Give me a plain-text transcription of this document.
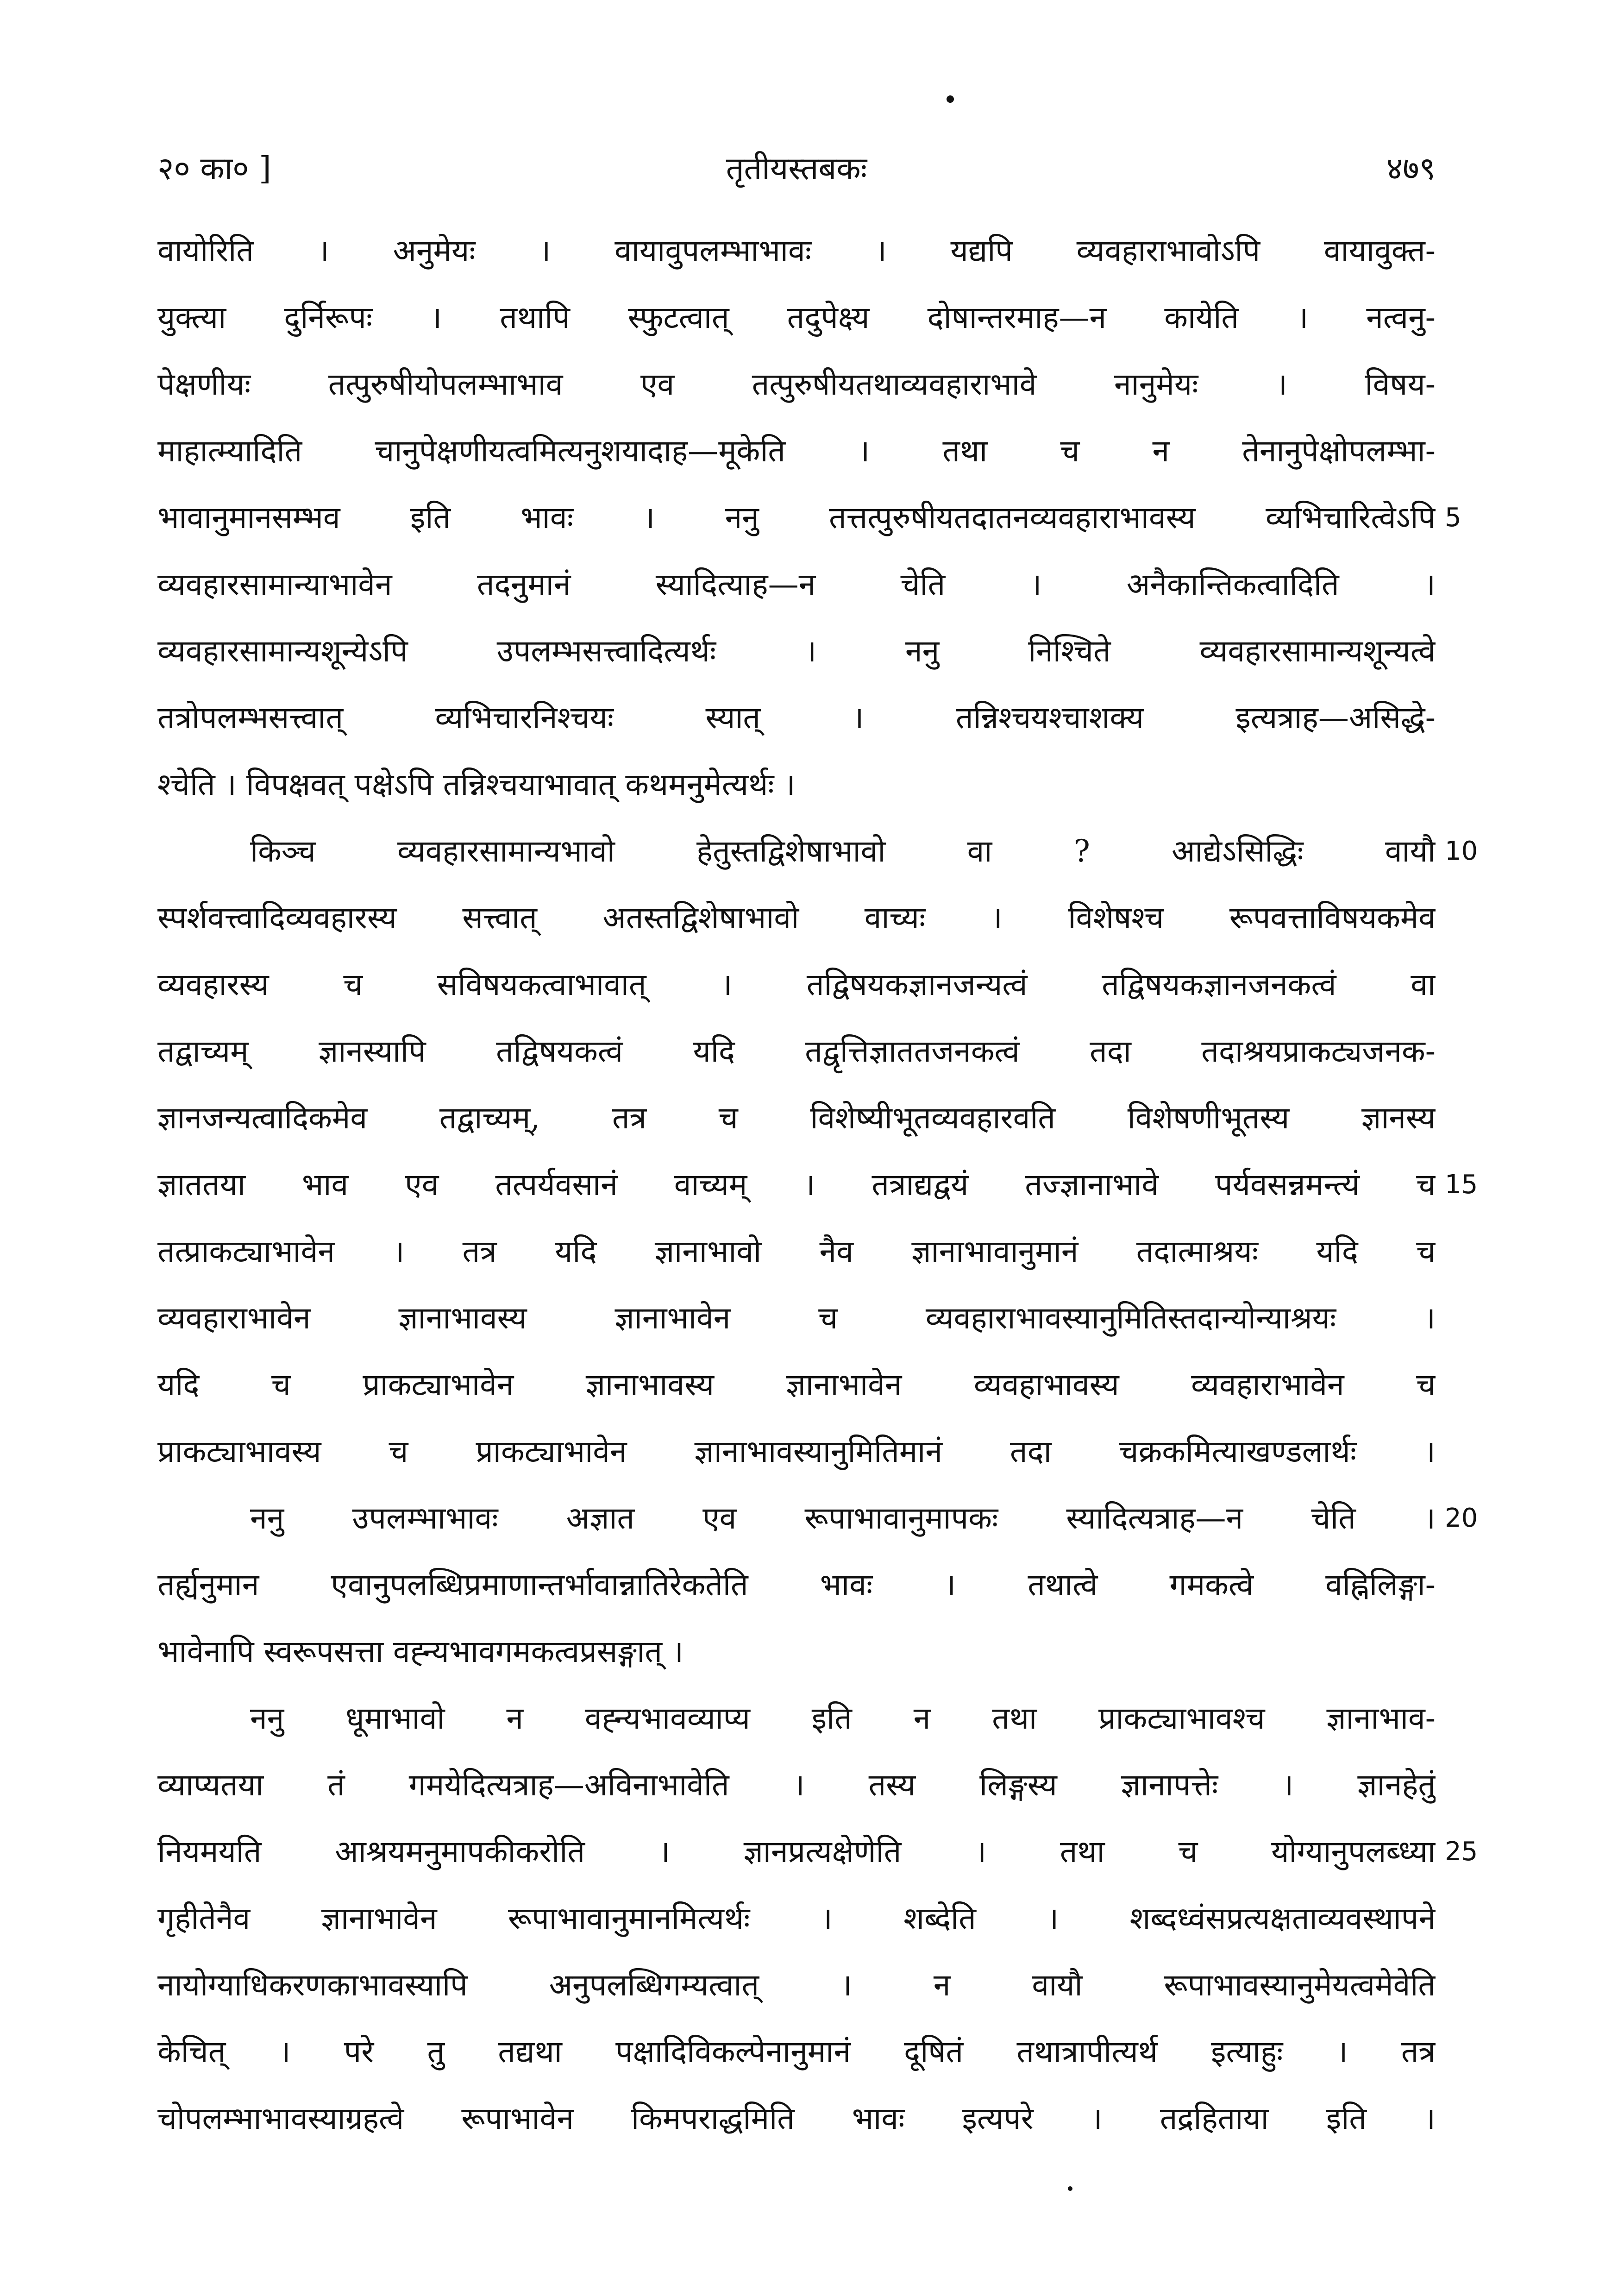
२० का० ]	तृतीयस्तबकः	४७९
वायोरिति । अनुमेयः । वायावुपलम्भाभावः । यद्यपि व्यवहाराभावोऽपि वायावुक्त-
युक्त्या दुर्निरूपः । तथापि स्फुटत्वात् तदुपेक्ष्य दोषान्तरमाह—न कायेति । नत्वनु-
पेक्षणीयः तत्पुरुषीयोपलम्भाभाव एव तत्पुरुषीयतथाव्यवहाराभावे नानुमेयः । विषय-
माहात्म्यादिति चानुपेक्षणीयत्वमित्यनुशयादाह—मूकेति । तथा च न तेनानुपेक्षोपलम्भा-
भावानुमानसम्भव इति भावः । ननु तत्तत्पुरुषीयतदातनव्यवहाराभावस्य व्यभिचारित्वेऽपि
व्यवहारसामान्याभावेन तदनुमानं स्यादित्याह—न चेति । अनैकान्तिकत्वादिति ।
व्यवहारसामान्यशून्येऽपि उपलम्भसत्त्वादित्यर्थः । ननु निश्चिते व्यवहारसामान्यशून्यत्वे
तत्रोपलम्भसत्त्वात् व्यभिचारनिश्चयः स्यात् । तन्निश्चयश्चाशक्य इत्यत्राह—असिद्धे-
श्चेति । विपक्षवत् पक्षेऽपि तन्निश्चयाभावात् कथमनुमेत्यर्थः ।
किञ्च व्यवहारसामान्यभावो हेतुस्तद्विशेषाभावो वा ? आद्येऽसिद्धिः वायौ
स्पर्शवत्त्वादिव्यवहारस्य सत्त्वात् अतस्तद्विशेषाभावो वाच्यः । विशेषश्च रूपवत्ताविषयकमेव
व्यवहारस्य च सविषयकत्वाभावात् । तद्विषयकज्ञानजन्यत्वं तद्विषयकज्ञानजनकत्वं वा
तद्वाच्यम् ज्ञानस्यापि तद्विषयकत्वं यदि तद्वृत्तिज्ञाततजनकत्वं तदा तदाश्रयप्राकट्यजनक-
ज्ञानजन्यत्वादिकमेव तद्वाच्यम्, तत्र च विशेष्यीभूतव्यवहारवति विशेषणीभूतस्य ज्ञानस्य
ज्ञाततया भाव एव तत्पर्यवसानं वाच्यम् । तत्राद्यद्वयं तज्ज्ञानाभावे पर्यवसन्नमन्त्यं च
तत्प्राकट्याभावेन । तत्र यदि ज्ञानाभावो नैव ज्ञानाभावानुमानं तदात्माश्रयः यदि च
व्यवहाराभावेन ज्ञानाभावस्य ज्ञानाभावेन च व्यवहाराभावस्यानुमितिस्तदान्योन्याश्रयः ।
यदि च प्राकट्याभावेन ज्ञानाभावस्य ज्ञानाभावेन व्यवहाभावस्य व्यवहाराभावेन च
प्राकट्याभावस्य च प्राकट्याभावेन ज्ञानाभावस्यानुमितिमानं तदा चक्रकमित्याखण्डलार्थः ।
ननु उपलम्भाभावः अज्ञात एव रूपाभावानुमापकः स्यादित्यत्राह—न चेति ।
तर्ह्यनुमान एवानुपलब्धिप्रमाणान्तर्भावान्नातिरेकतेति भावः । तथात्वे गमकत्वे वह्निलिङ्गा-
भावेनापि स्वरूपसत्ता वह्न्यभावगमकत्वप्रसङ्गात् ।
ननु धूमाभावो न वह्न्यभावव्याप्य इति न तथा प्राकट्याभावश्च ज्ञानाभाव-
व्याप्यतया तं गमयेदित्यत्राह—अविनाभावेति । तस्य लिङ्गस्य ज्ञानापत्तेः । ज्ञानहेतुं
नियमयति आश्रयमनुमापकीकरोति । ज्ञानप्रत्यक्षेणेति । तथा च योग्यानुपलब्ध्या
गृहीतेनैव ज्ञानाभावेन रूपाभावानुमानमित्यर्थः । शब्देति । शब्दध्वंसप्रत्यक्षताव्यवस्थापने
नायोग्याधिकरणकाभावस्यापि अनुपलब्धिगम्यत्वात् । न वायौ रूपाभावस्यानुमेयत्वमेवेति
केचित् । परे तु तद्यथा पक्षादिविकल्पेनानुमानं दूषितं तथात्रापीत्यर्थ इत्याहुः । तत्र
चोपलम्भाभावस्याग्रहत्वे रूपाभावेन किमपराद्धमिति भावः इत्यपरे । तद्रहिताया इति ।
5
10
15
20
25
